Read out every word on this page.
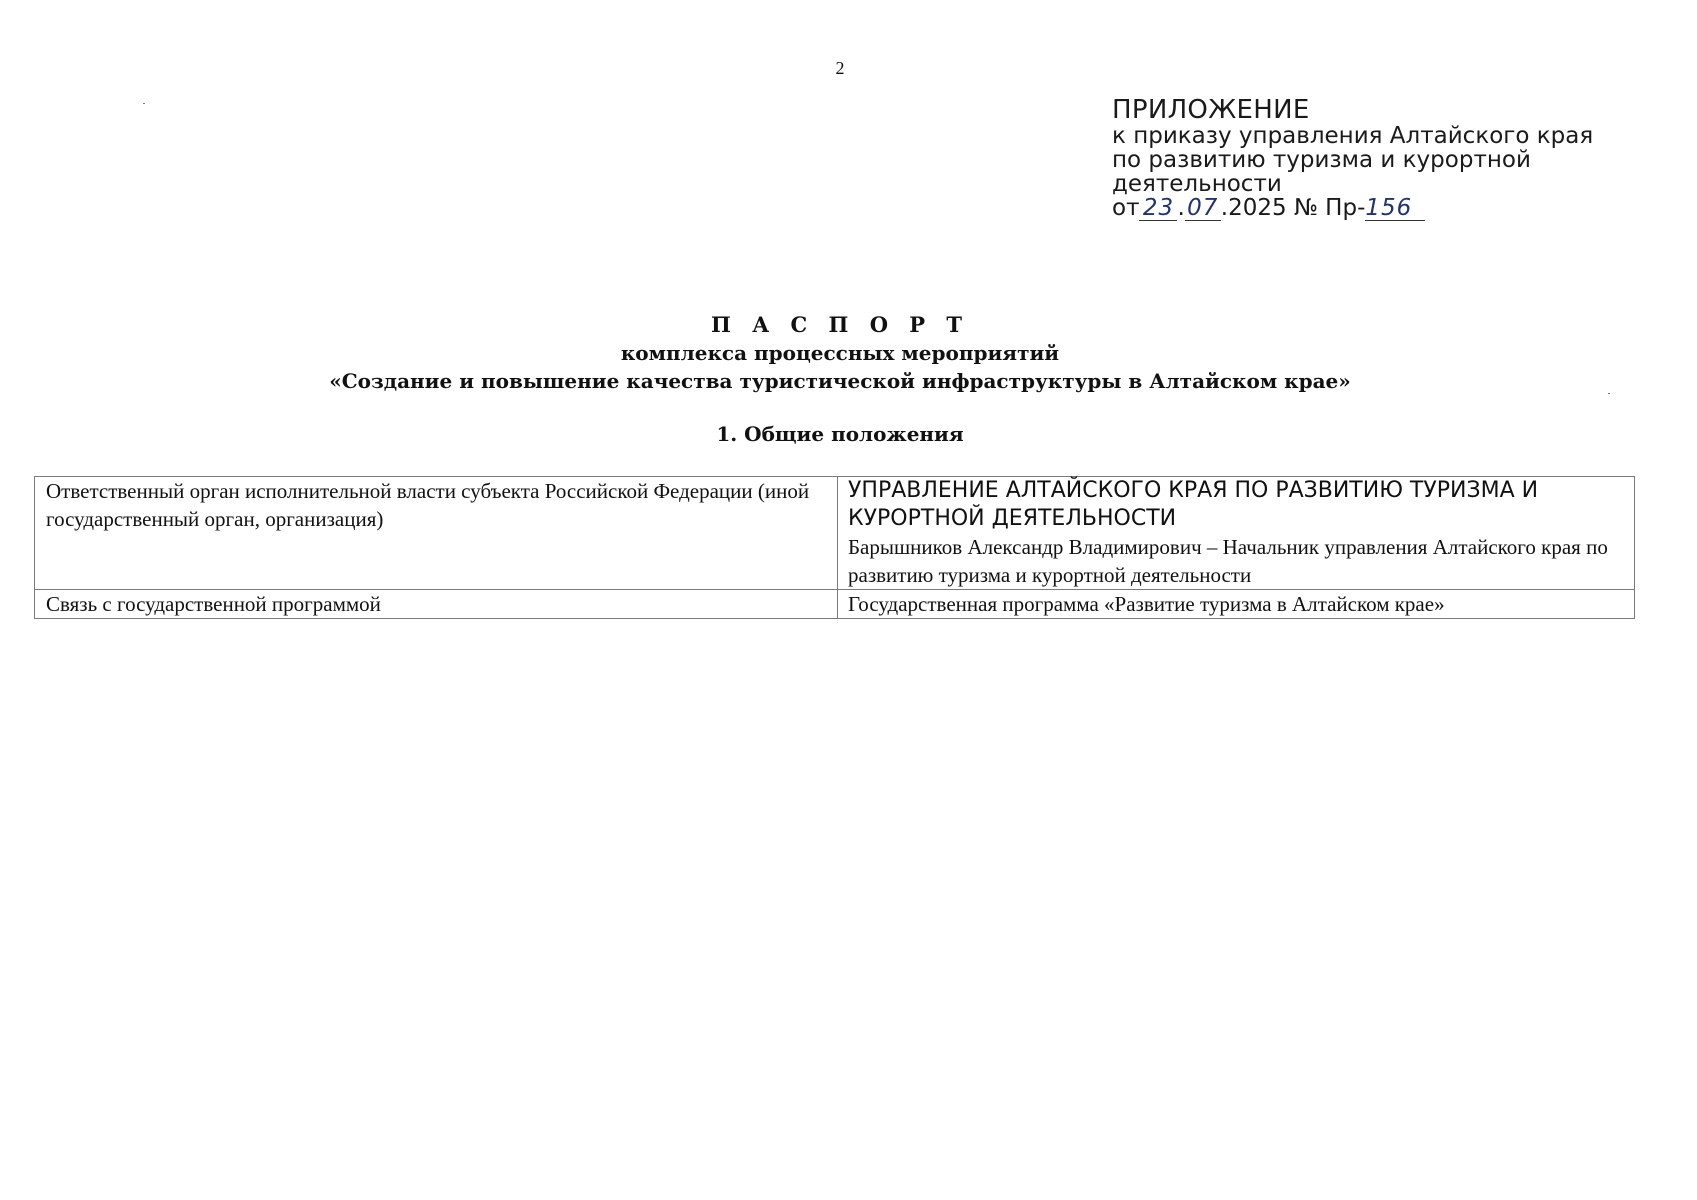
2
ПРИЛОЖЕНИЕ
к приказу управления Алтайского края
по развитию туризма и курортной
деятельности
от 23 . 07 .2025 № Пр-156
П А С П О Р Т
комплекса процессных мероприятий
«Создание и повышение качества туристической инфраструктуры в Алтайском крае»
1. Общие положения
Ответственный орган исполнительной власти субъекта Российской Федерации (иной государственный орган, организация)	УПРАВЛЕНИЕ АЛТАЙСКОГО КРАЯ ПО РАЗВИТИЮ ТУРИЗМА И КУРОРТНОЙ ДЕЯТЕЛЬНОСТИ
Барышников Александр Владимирович – Начальник управления Алтайского края по развитию туризма и курортной деятельности

Связь с государственной программой	Государственная программа «Развитие туризма в Алтайском крае»
